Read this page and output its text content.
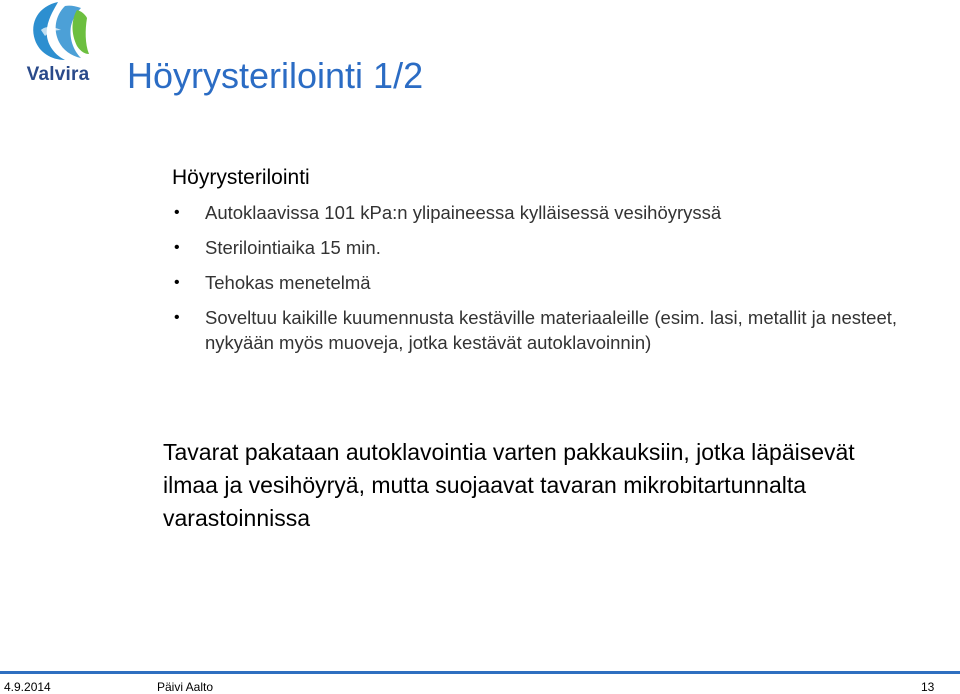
Valvira Höyrysterilointi 1/2
Höyrysterilointi
• Autoklaavissa 101 kPa:n ylipaineessa kylläisessä vesihöyryssä
• Sterilointiaika 15 min.
• Tehokas menetelmä
• Soveltuu kaikille kuumennusta kestäville materiaaleille (esim. lasi, metallit ja nesteet, nykyään myös muoveja, jotka kestävät autoklavoinnin)
Tavarat pakataan autoklavointia varten pakkauksiin, jotka läpäisevät ilmaa ja vesihöyryä, mutta suojaavat tavaran mikrobitartunnalta varastoinnissa
4.9.2014	Päivi Aalto	13
